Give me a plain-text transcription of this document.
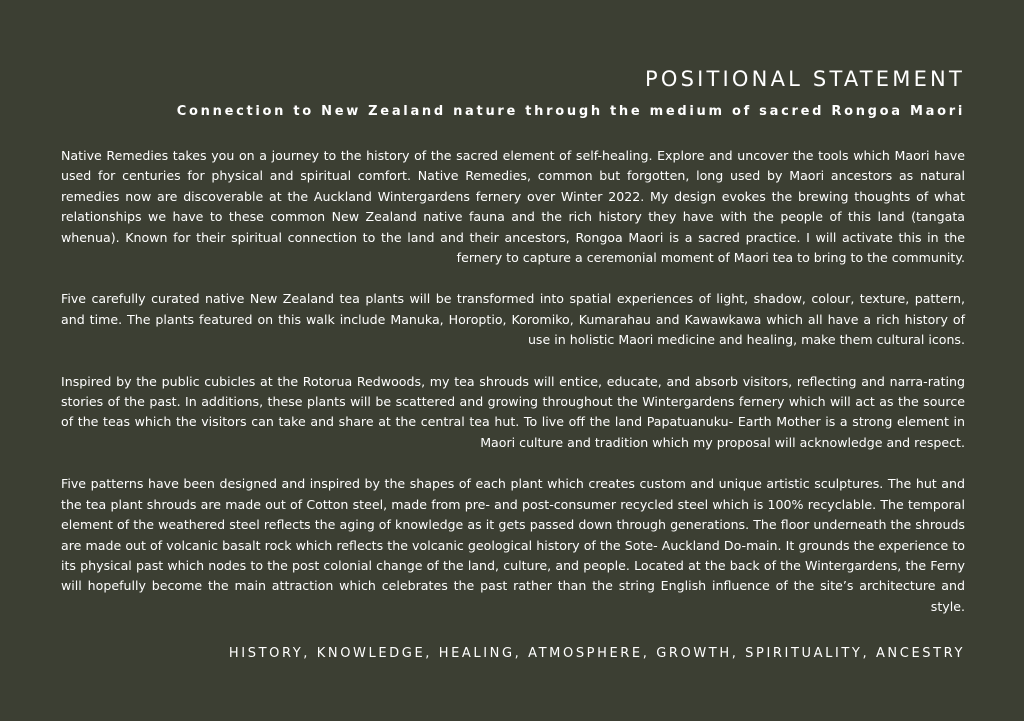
POSITIONAL STATEMENT
Connection to New Zealand nature through the medium of sacred Rongoa Maori

Native Remedies takes you on a journey to the history of the sacred element of self-healing. Explore and uncover the tools which Maori have used for centuries for physical and spiritual comfort. Native Remedies, common but forgotten, long used by Maori ancestors as natural remedies now are discoverable at the Auckland Wintergardens fernery over Winter 2022. My design evokes the brewing thoughts of what relationships we have to these common New Zealand native fauna and the rich history they have with the people of this land (tangata whenua). Known for their spiritual connection to the land and their ancestors, Rongoa Maori is a sacred practice. I will activate this in the fernery to capture a ceremonial moment of Maori tea to bring to the community.

Five carefully curated native New Zealand tea plants will be transformed into spatial experiences of light, shadow, colour, texture, pattern, and time. The plants featured on this walk include Manuka, Horoptio, Koromiko, Kumarahau and Kawawkawa which all have a rich history of use in holistic Maori medicine and healing, make them cultural icons.

Inspired by the public cubicles at the Rotorua Redwoods, my tea shrouds will entice, educate, and absorb visitors, reflecting and narra-rating stories of the past. In additions, these plants will be scattered and growing throughout the Wintergardens fernery which will act as the source of the teas which the visitors can take and share at the central tea hut. To live off the land Papatuanuku- Earth Mother is a strong element in Maori culture and tradition which my proposal will acknowledge and respect.

Five patterns have been designed and inspired by the shapes of each plant which creates custom and unique artistic sculptures. The hut and the tea plant shrouds are made out of Cotton steel, made from pre- and post-consumer recycled steel which is 100% recyclable. The temporal element of the weathered steel reflects the aging of knowledge as it gets passed down through generations. The floor underneath the shrouds are made out of volcanic basalt rock which reflects the volcanic geological history of the Sote- Auckland Do-main. It grounds the experience to its physical past which nodes to the post colonial change of the land, culture, and people. Located at the back of the Wintergardens, the Ferny will hopefully become the main attraction which celebrates the past rather than the string English influence of the site’s architecture and style.

HISTORY, KNOWLEDGE, HEALING, ATMOSPHERE, GROWTH, SPIRITUALITY, ANCESTRY
